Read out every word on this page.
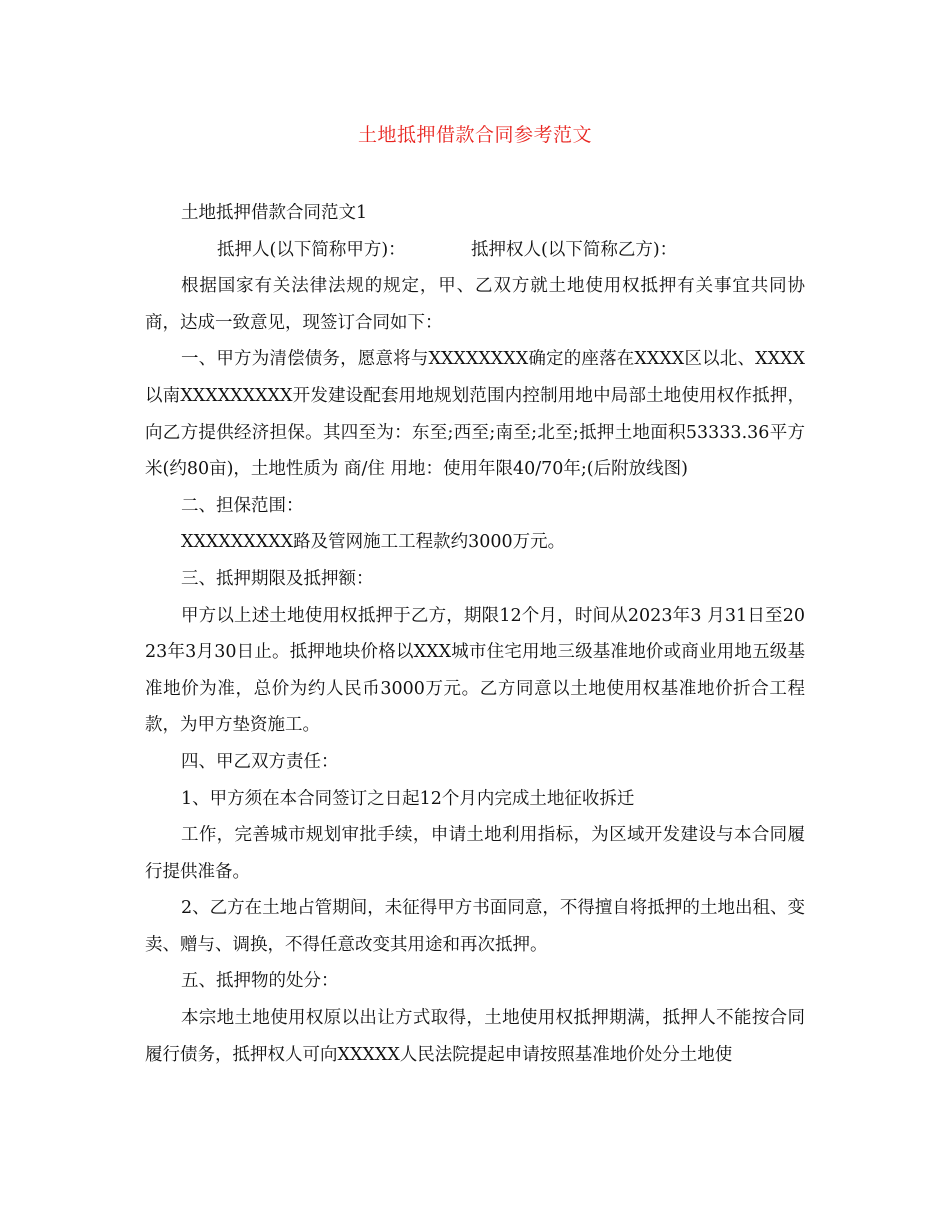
土地抵押借款合同参考范文

土地抵押借款合同范文1

抵押人(以下简称甲方)：	抵押权人(以下简称乙方)：

根据国家有关法律法规的规定，甲、乙双方就土地使用权抵押有关事宜共同协商，达成一致意见，现签订合同如下：

一、甲方为清偿债务，愿意将与XXXXXXXX确定的座落在XXXX区以北、XXXX以南XXXXXXXXX开发建设配套用地规划范围内控制用地中局部土地使用权作抵押，向乙方提供经济担保。其四至为：东至;西至;南至;北至;抵押土地面积53333.36平方米(约80亩)，土地性质为 商/住 用地：使用年限40/70年;(后附放线图)

二、担保范围：

XXXXXXXXX路及管网施工工程款约3000万元。

三、抵押期限及抵押额：

甲方以上述土地使用权抵押于乙方，期限12个月，时间从2023年3 月31日至2023年3月30日止。抵押地块价格以XXX城市住宅用地三级基准地价或商业用地五级基准地价为准，总价为约人民币3000万元。乙方同意以土地使用权基准地价折合工程款，为甲方垫资施工。

四、甲乙双方责任：

1、甲方须在本合同签订之日起12个月内完成土地征收拆迁

工作，完善城市规划审批手续，申请土地利用指标，为区域开发建设与本合同履行提供准备。

2、乙方在土地占管期间，未征得甲方书面同意，不得擅自将抵押的土地出租、变卖、赠与、调换，不得任意改变其用途和再次抵押。

五、抵押物的处分：

本宗地土地使用权原以出让方式取得，土地使用权抵押期满，抵押人不能按合同履行债务，抵押权人可向XXXXX人民法院提起申请按照基准地价处分土地使
